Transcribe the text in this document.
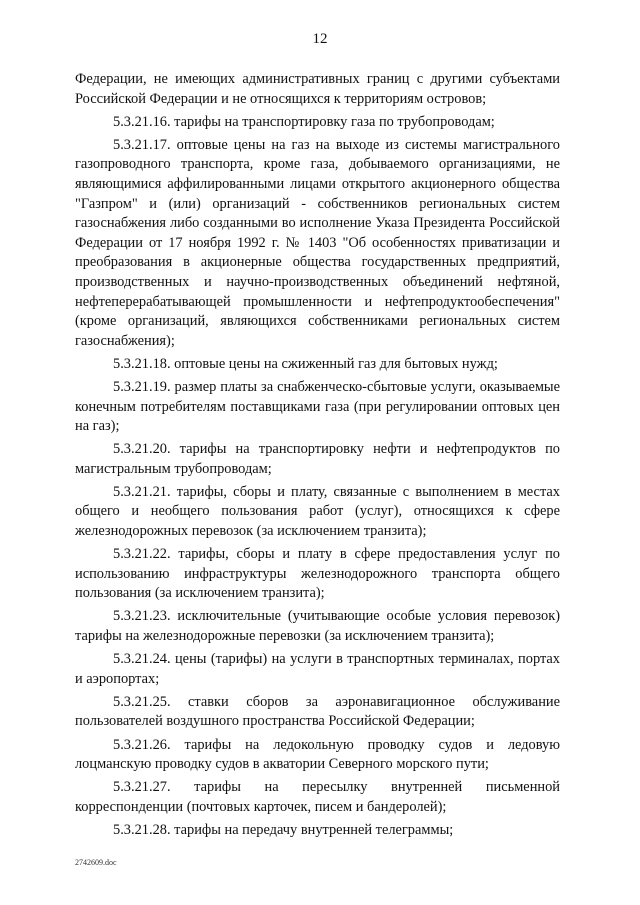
12

Федерации, не имеющих административных границ с другими субъектами Российской Федерации и не относящихся к территориям островов;

5.3.21.16. тарифы на транспортировку газа по трубопроводам;

5.3.21.17. оптовые цены на газ на выходе из системы магистрального газопроводного транспорта, кроме газа, добываемого организациями, не являющимися аффилированными лицами открытого акционерного общества "Газпром" и (или) организаций - собственников региональных систем газоснабжения либо созданными во исполнение Указа Президента Российской Федерации от 17 ноября 1992 г. № 1403 "Об особенностях приватизации и преобразования в акционерные общества государственных предприятий, производственных и научно-производственных объединений нефтяной, нефтеперерабатывающей промышленности и нефтепродуктообеспечения" (кроме организаций, являющихся собственниками региональных систем газоснабжения);

5.3.21.18. оптовые цены на сжиженный газ для бытовых нужд;

5.3.21.19. размер платы за снабженческо-сбытовые услуги, оказываемые конечным потребителям поставщиками газа (при регулировании оптовых цен на газ);

5.3.21.20. тарифы на транспортировку нефти и нефтепродуктов по магистральным трубопроводам;

5.3.21.21. тарифы, сборы и плату, связанные с выполнением в местах общего и необщего пользования работ (услуг), относящихся к сфере железнодорожных перевозок (за исключением транзита);

5.3.21.22. тарифы, сборы и плату в сфере предоставления услуг по использованию инфраструктуры железнодорожного транспорта общего пользования (за исключением транзита);

5.3.21.23. исключительные (учитывающие особые условия перевозок) тарифы на железнодорожные перевозки (за исключением транзита);

5.3.21.24. цены (тарифы) на услуги в транспортных терминалах, портах и аэропортах;

5.3.21.25. ставки сборов за аэронавигационное обслуживание пользователей воздушного пространства Российской Федерации;

5.3.21.26. тарифы на ледокольную проводку судов и ледовую лоцманскую проводку судов в акватории Северного морского пути;

5.3.21.27. тарифы на пересылку внутренней письменной корреспонденции (почтовых карточек, писем и бандеролей);

5.3.21.28. тарифы на передачу внутренней телеграммы;

2742609.doc
